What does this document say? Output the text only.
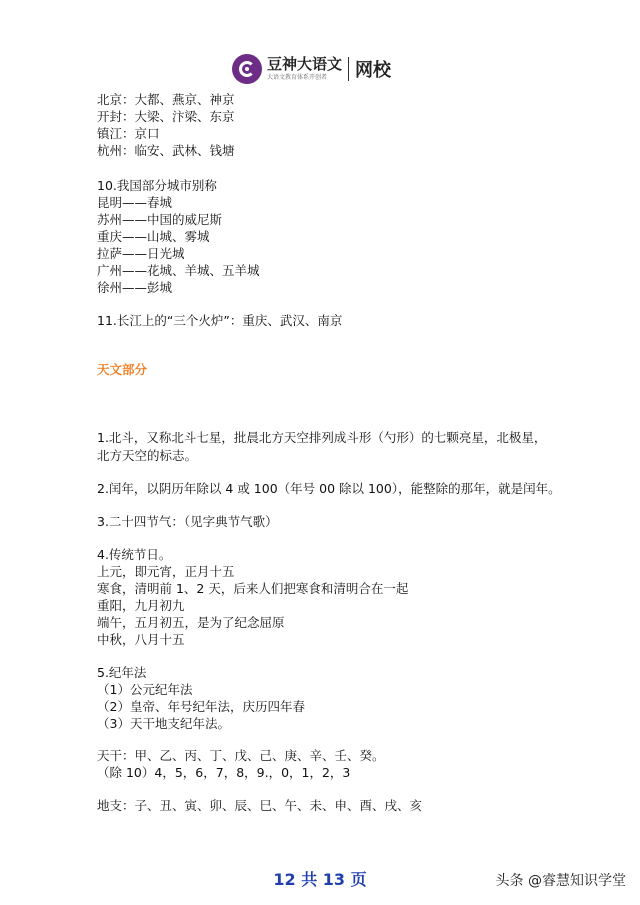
豆神大语文
大语文教育体系开创者	网校
北京：大都、燕京、神京
开封：大梁、汴梁、东京
镇江：京口
杭州：临安、武林、钱塘
10.我国部分城市别称
昆明——春城
苏州——中国的威尼斯
重庆——山城、雾城
拉萨——日光城
广州——花城、羊城、五羊城
徐州——彭城
11.长江上的“三个火炉”：重庆、武汉、南京
天文部分
1.北斗，又称北斗七星，批晨北方天空排列成斗形（勺形）的七颗亮星，北极星，
北方天空的标志。
2.闰年，以阴历年除以 4 或 100（年号 00 除以 100），能整除的那年，就是闰年。
3.二十四节气：（见字典节气歌）
4.传统节日。
上元，即元宵，正月十五
寒食，清明前 1、2 天，后来人们把寒食和清明合在一起
重阳，九月初九
端午，五月初五，是为了纪念屈原
中秋，八月十五
5.纪年法
（1）公元纪年法
（2）皇帝、年号纪年法，庆历四年春
（3）天干地支纪年法。
天干：甲、乙、丙、丁、戊、己、庚、辛、壬、癸。
（除 10）4，5，6，7，8，9.，0，1，2，3
地支：子、丑、寅、卯、辰、巳、午、未、申、酉、戌、亥
12 共 13 页	头条 @睿慧知识学堂
